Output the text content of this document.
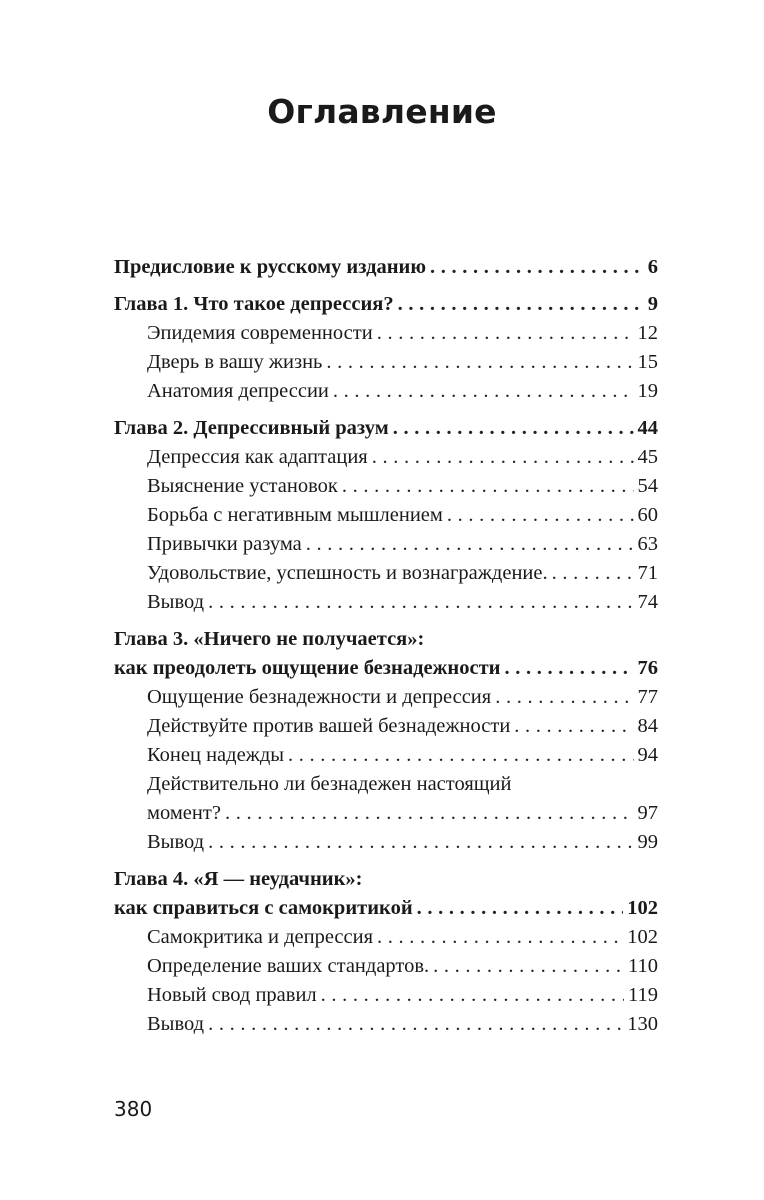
Оглавление
Предисловие к русскому изданию . . .	6
Глава 1. Что такое депрессия? . . .	9
Эпидемия современности . . .	12
Дверь в вашу жизнь . . .	15
Анатомия депрессии . . .	19
Глава 2. Депрессивный разум . . .	44
Депрессия как адаптация . . .	45
Выяснение установок . . .	54
Борьба с негативным мышлением . . .	60
Привычки разума . . .	63
Удовольствие, успешность и вознаграждение. . . .	71
Вывод . . .	74
Глава 3. «Ничего не получается»:
как преодолеть ощущение безнадежности . . .	76
Ощущение безнадежности и депрессия . . .	77
Действуйте против вашей безнадежности . . .	84
Конец надежды . . .	94
Действительно ли безнадежен настоящий
момент? . . .	97
Вывод . . .	99
Глава 4. «Я — неудачник»:
как справиться с самокритикой . . .	102
Самокритика и депрессия . . .	102
Определение ваших стандартов. . . .	110
Новый свод правил . . .	119
Вывод . . .	130
380
